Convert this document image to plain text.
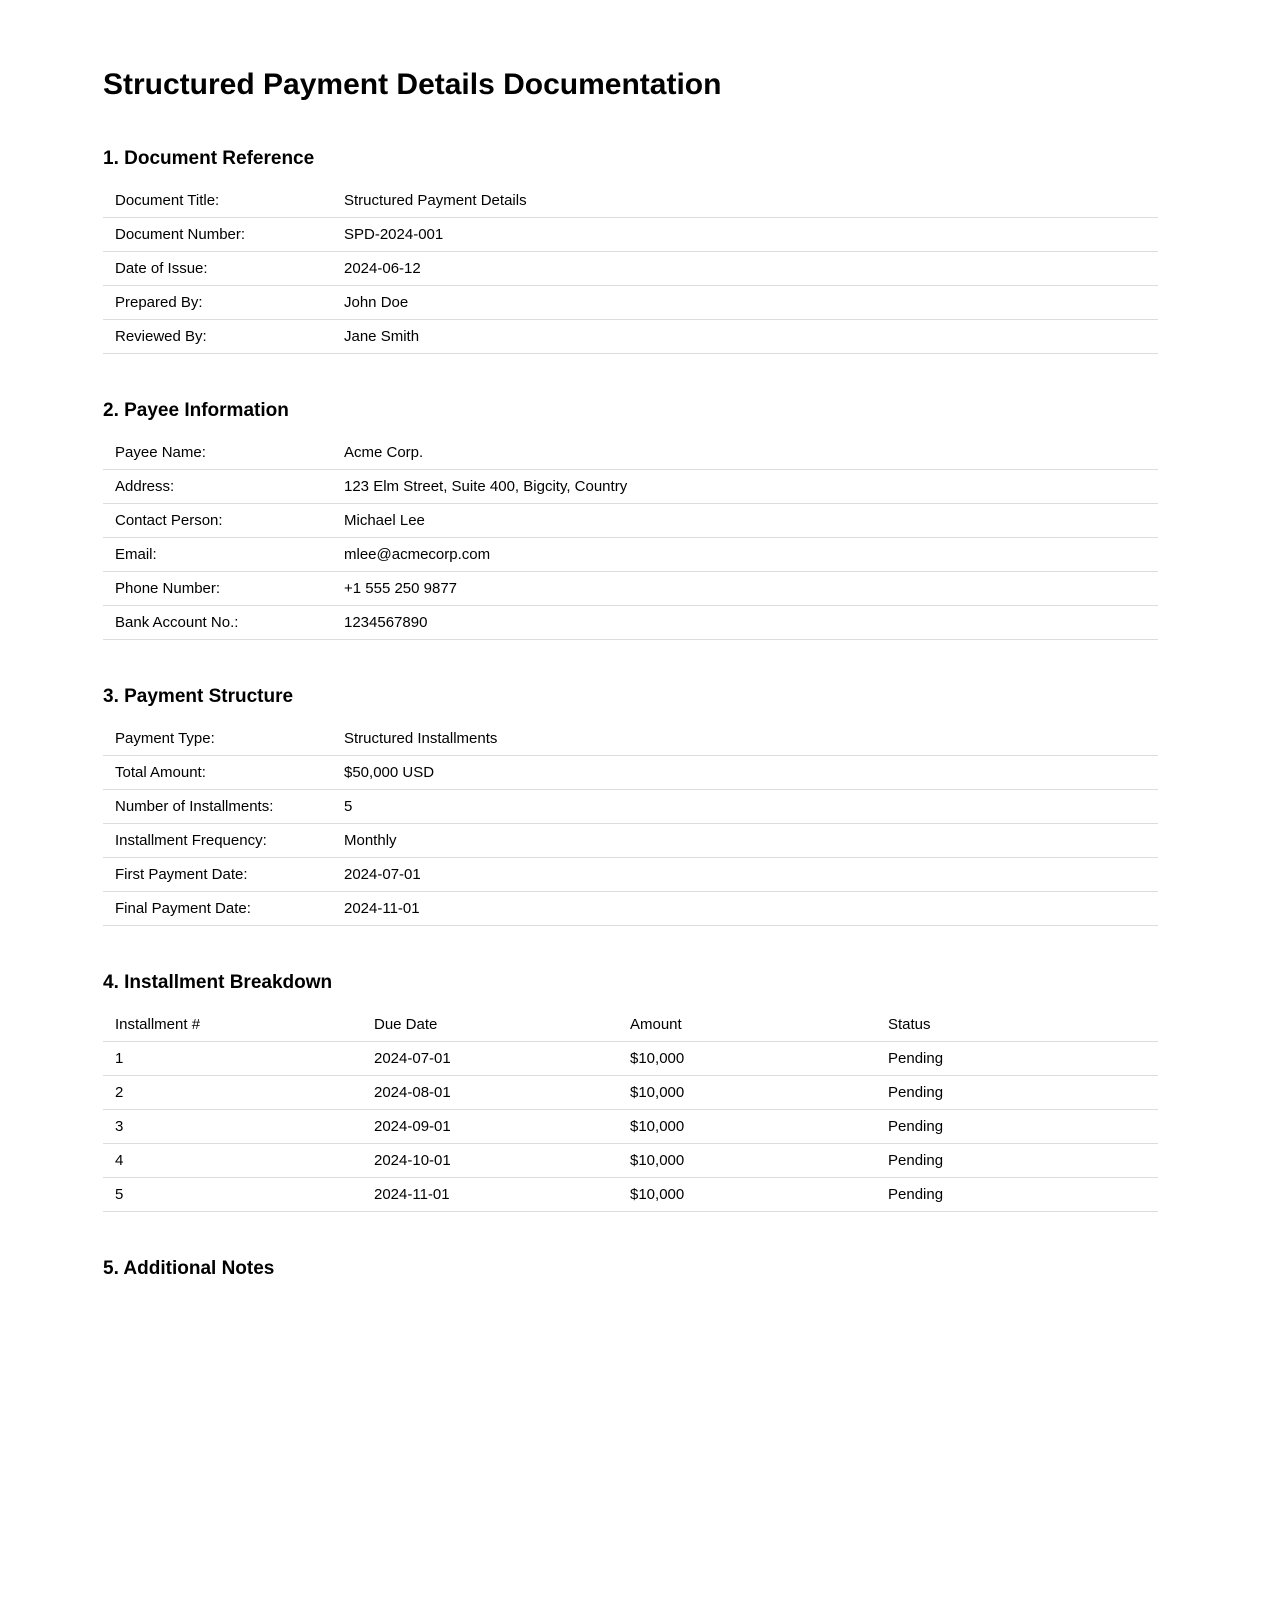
Structured Payment Details Documentation
1. Document Reference
Document Title:	Structured Payment Details
Document Number:	SPD-2024-001
Date of Issue:	2024-06-12
Prepared By:	John Doe
Reviewed By:	Jane Smith
2. Payee Information
Payee Name:	Acme Corp.
Address:	123 Elm Street, Suite 400, Bigcity, Country
Contact Person:	Michael Lee
Email:	mlee@acmecorp.com
Phone Number:	+1 555 250 9877
Bank Account No.:	1234567890
3. Payment Structure
Payment Type:	Structured Installments
Total Amount:	$50,000 USD
Number of Installments:	5
Installment Frequency:	Monthly
First Payment Date:	2024-07-01
Final Payment Date:	2024-11-01
4. Installment Breakdown
Installment #	Due Date	Amount	Status
1	2024-07-01	$10,000	Pending
2	2024-08-01	$10,000	Pending
3	2024-09-01	$10,000	Pending
4	2024-10-01	$10,000	Pending
5	2024-11-01	$10,000	Pending
5. Additional Notes
